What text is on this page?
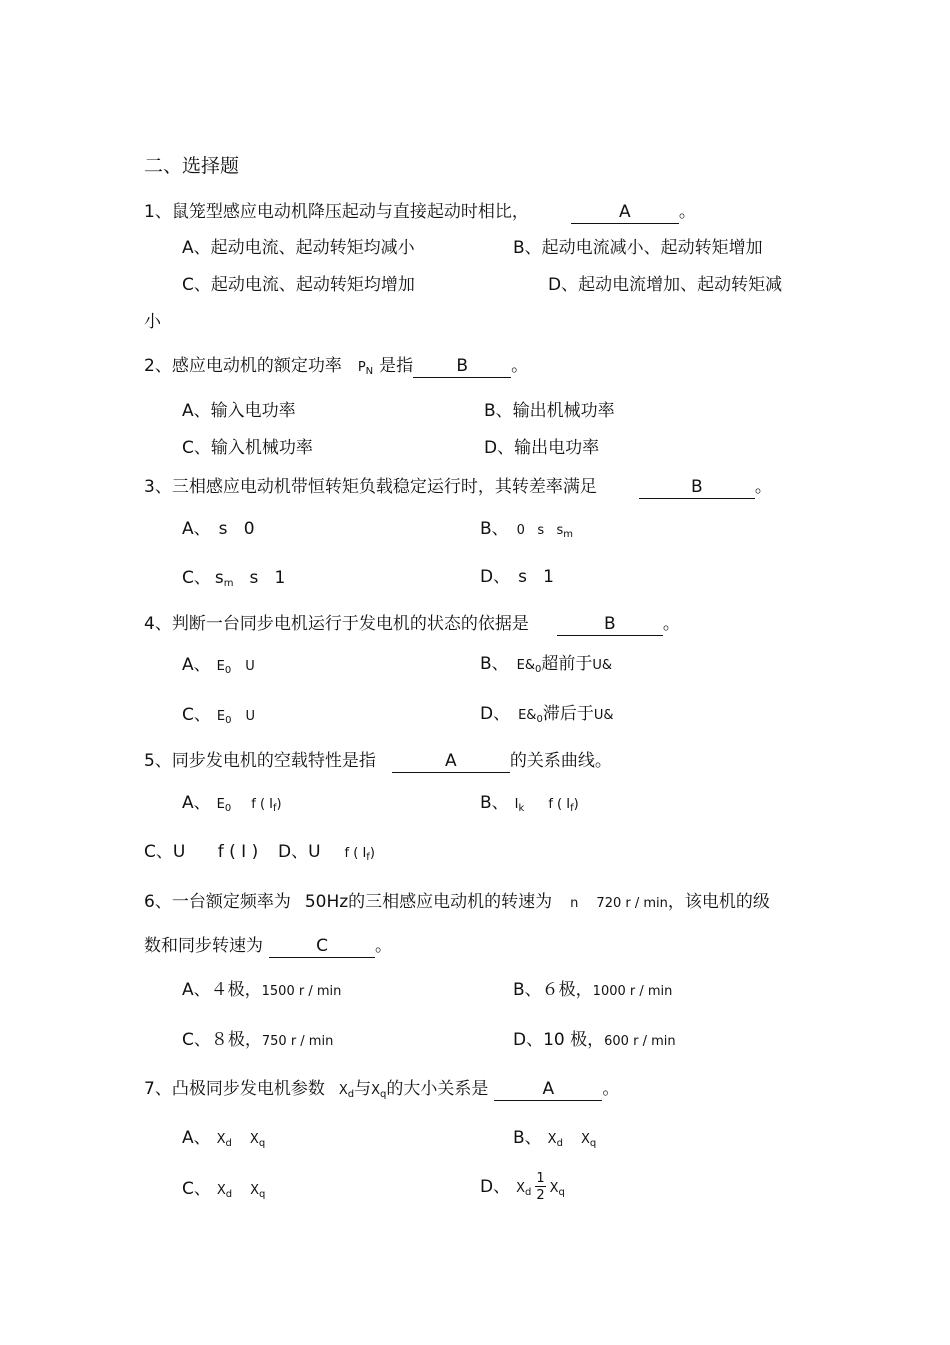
二、选择题
1、鼠笼型感应电动机降压起动与直接起动时相比，	A	。
A、起动电流、起动转矩均减小	B、起动电流减小、起动转矩增加
C、起动电流、起动转矩均增加	D、起动电流增加、起动转矩减
小
2、感应电动机的额定功率 $P_N$ 是指	B	。
A、输入电功率	B、输出机械功率
C、输入机械功率	D、输出电功率
3、三相感应电动机带恒转矩负载稳定运行时，其转差率满足	B	。
A、 s   0	B、 0   s   $s_m$
C、 $s_m$ s   1	D、 s   1
4、判断一台同步电机运行于发电机的状态的依据是	B	。
A、 $E_0$ U	B、 $E\&_0$超前于U&
C、 $E_0$ U	D、 $E\&_0$滞后于U&
5、同步发电机的空载特性是指	A	的关系曲线。
A、 $E_0$ f ( $I_f$)	B、 $I_k$ f ( $I_f$)
C、U      f ( I ) D、U f ( $I_f$)
6、一台额定频率为 50Hz的三相感应电动机的转速为 n 720 r / min，该电机的级
数和同步转速为	C	。
A、４极，1500 r / min	B、６极，1000 r / min
C、８极，750 r / min	D、10 极，600 r / min
7、凸极同步发电机参数 $X_d$与$X_q$的大小关系是	A	。
A、 $X_d$ $X_q$	B、 $X_d$ $X_q$
C、 $X_d$ $X_q$	D、 $X_d \frac{1}{2} X_q$
